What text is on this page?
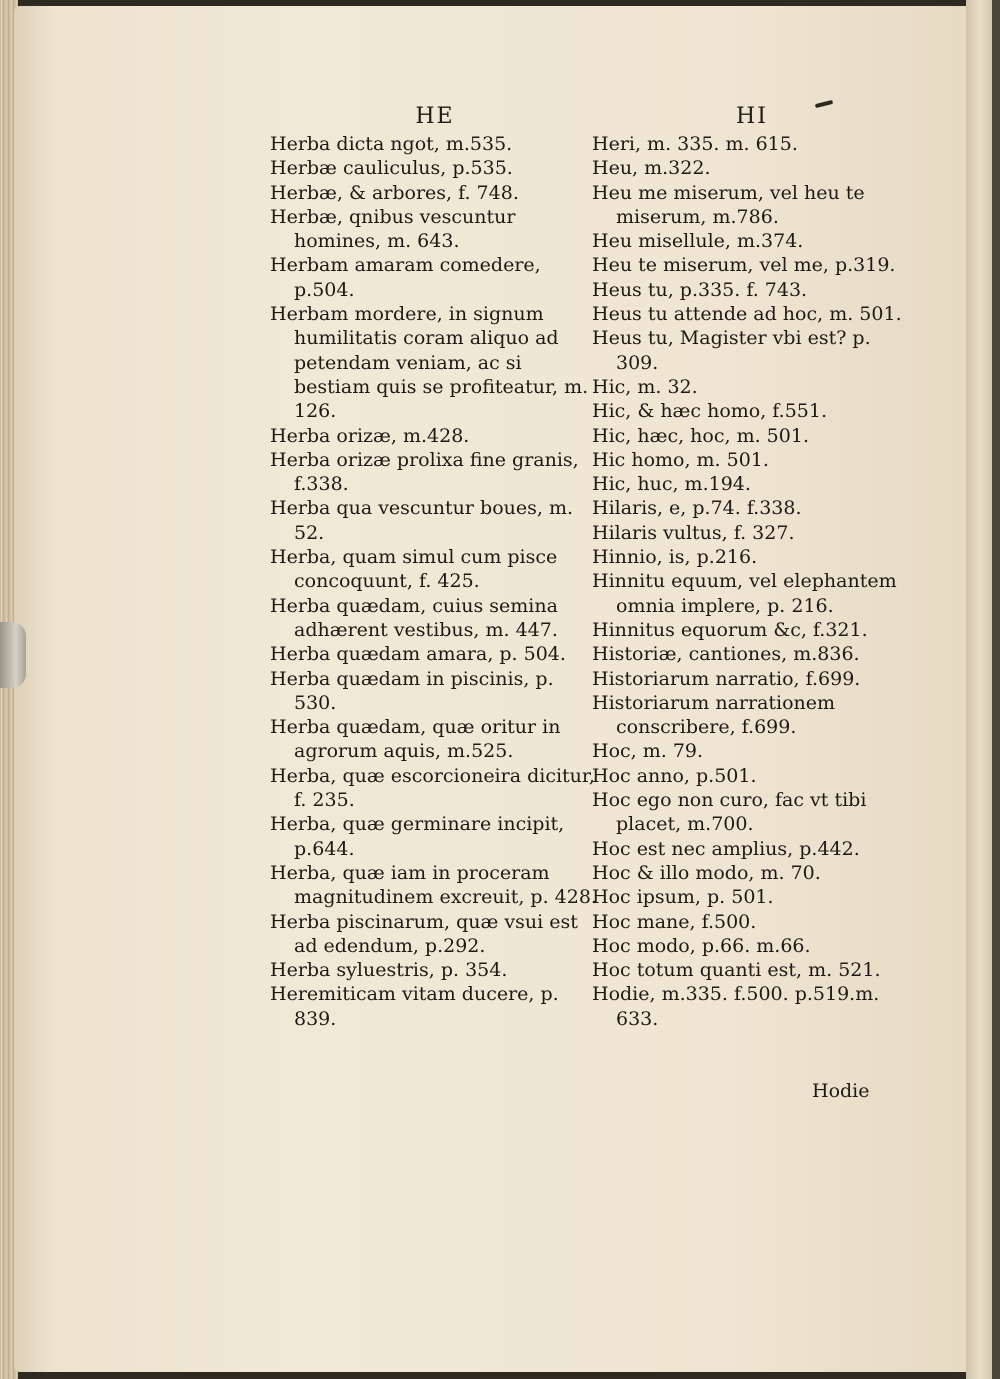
HE
Herba dicta ngot, m.535.
Herbæ cauliculus, p.535.
Herbæ, & arbores, f. 748.
Herbæ, qnibus vescuntur homines, m. 643.
Herbam amaram comedere, p.504.
Herbam mordere, in signum humilitatis coram aliquo ad petendam veniam, ac si bestiam quis se profiteatur, m. 126.
Herba orizæ, m.428.
Herba orizæ prolixa fine granis, f.338.
Herba qua vescuntur boues, m. 52.
Herba, quam simul cum pisce concoquunt, f. 425.
Herba quædam, cuius semina adhærent vestibus, m. 447.
Herba quædam amara, p. 504.
Herba quædam in piscinis, p. 530.
Herba quædam, quæ oritur in agrorum aquis, m.525.
Herba, quæ escorcioneira dicitur, f. 235.
Herba, quæ germinare incipit, p.644.
Herba, quæ iam in proceram magnitudinem excreuit, p. 428.
Herba piscinarum, quæ vsui est ad edendum, p.292.
Herba syluestris, p. 354.
Heremiticam vitam ducere, p. 839.
HI
Heri, m. 335. m. 615.
Heu, m.322.
Heu me miserum, vel heu te miserum, m.786.
Heu misellule, m.374.
Heu te miserum, vel me, p.319.
Heus tu, p.335. f. 743.
Heus tu attende ad hoc, m. 501.
Heus tu, Magister vbi est? p. 309.
Hic, m. 32.
Hic, & hæc homo, f.551.
Hic, hæc, hoc, m. 501.
Hic homo, m. 501.
Hic, huc, m.194.
Hilaris, e, p.74. f.338.
Hilaris vultus, f. 327.
Hinnio, is, p.216.
Hinnitu equum, vel elephantem omnia implere, p. 216.
Hinnitus equorum &c, f.321.
Historiæ, cantiones, m.836.
Historiarum narratio, f.699.
Historiarum narrationem conscribere, f.699.
Hoc, m. 79.
Hoc anno, p.501.
Hoc ego non curo, fac vt tibi placet, m.700.
Hoc est nec amplius, p.442.
Hoc & illo modo, m. 70.
Hoc ipsum, p. 501.
Hoc mane, f.500.
Hoc modo, p.66. m.66.
Hoc totum quanti est, m. 521.
Hodie, m.335. f.500. p.519.m. 633.
Hodie
